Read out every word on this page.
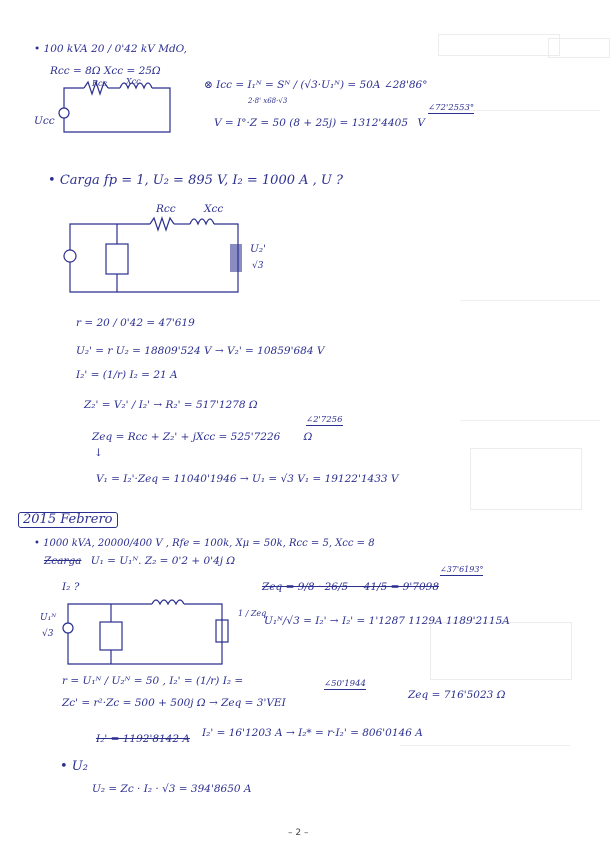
• 100 kVA 20 / 0'42 kV MdO,
Rcc = 8Ω Xcc = 25Ω
Rcc Xcc
Ucc
⊗ Icc = I₁ᴺ = Sᴺ / (√3·U₁ᴺ) = 50A ∠28'86°
2·8' x68·√3
∠72'2553°
V = I°·Z = 50 (8 + 25j) = 1312'4405 V
• Carga fp = 1, U₂ = 895 V, I₂ = 1000 A , U ?
Rcc	Xcc
U₂'
√3
r = 20 / 0'42 = 47'619
U₂' = r U₂ = 18809'524 V → V₂' = 10859'684 V
I₂' = (1/r) I₂ = 21 A
Z₂' = V₂' / I₂' → R₂' = 517'1278 Ω
∠2'7256
Zeq = Rcc + Z₂' + jXcc = 525'7226 Ω
↓
V₁ = I₂'·Zeq = 11040'1946 → U₁ = √3 V₁ = 19122'1433 V
2015 Febrero
• 1000 kVA, 20000/400 V , Rfe = 100k, Xμ = 50k, Rcc = 5, Xcc = 8
Zcarga U₁ = U₁ᴺ. Z₂ = 0'2 + 0'4j Ω
I₂ ?	Zeq = 9/8 · 26/5 − 41/5 = 9'7098
∠37'6193°
U₁ᴺ
√3
1 / Zeq
U₁ᴺ/√3 = I₂' → I₂' = 1'1287 1129A 1189'2115A
r = U₁ᴺ / U₂ᴺ = 50 , I₂' = (1/r) I₂ =	∠50'1944
Zc' = r²·Zc = 500 + 500j Ω → Zeq = 3'VEI
Zeq = 716'5023 Ω
I₂' = 1192'8142 A I₂' = 16'1203 A → I₂* = r·I₂' = 806'0146 A
• U₂
U₂ = Zc · I₂ · √3 = 394'8650 A
– 2 –
